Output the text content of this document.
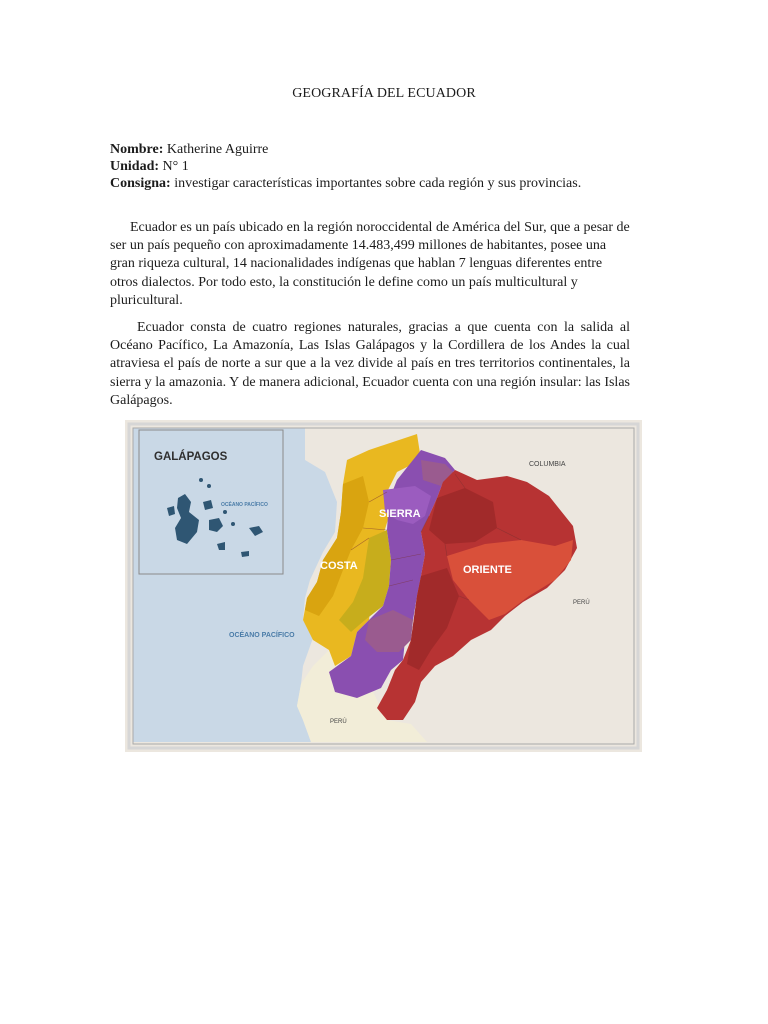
GEOGRAFÍA DEL ECUADOR
Nombre: Katherine Aguirre
Unidad: N° 1
Consigna: investigar características importantes sobre cada región y sus provincias.

Ecuador es un país ubicado en la región noroccidental de América del Sur, que a pesar de ser un país pequeño con aproximadamente 14.483,499 millones de habitantes, posee una gran riqueza cultural, 14 nacionalidades indígenas que hablan 7 lenguas diferentes entre otros dialectos. Por todo esto, la constitución le define como un país multicultural y pluricultural.

Ecuador consta de cuatro regiones naturales, gracias a que cuenta con la salida al Océano Pacífico, La Amazonía, Las Islas Galápagos y la Cordillera de los Andes la cual atraviesa el país de norte a sur que a la vez divide al país en tres territorios continentales, la sierra y la amazonia. Y de manera adicional, Ecuador cuenta con una región insular: las Islas Galápagos.

GALÁPAGOS
OCÉANO PACÍFICO
COLUMBIA
PERÚ
PERÚ
OCÉANO PACÍFICO
SIERRA
COSTA	ORIENTE
